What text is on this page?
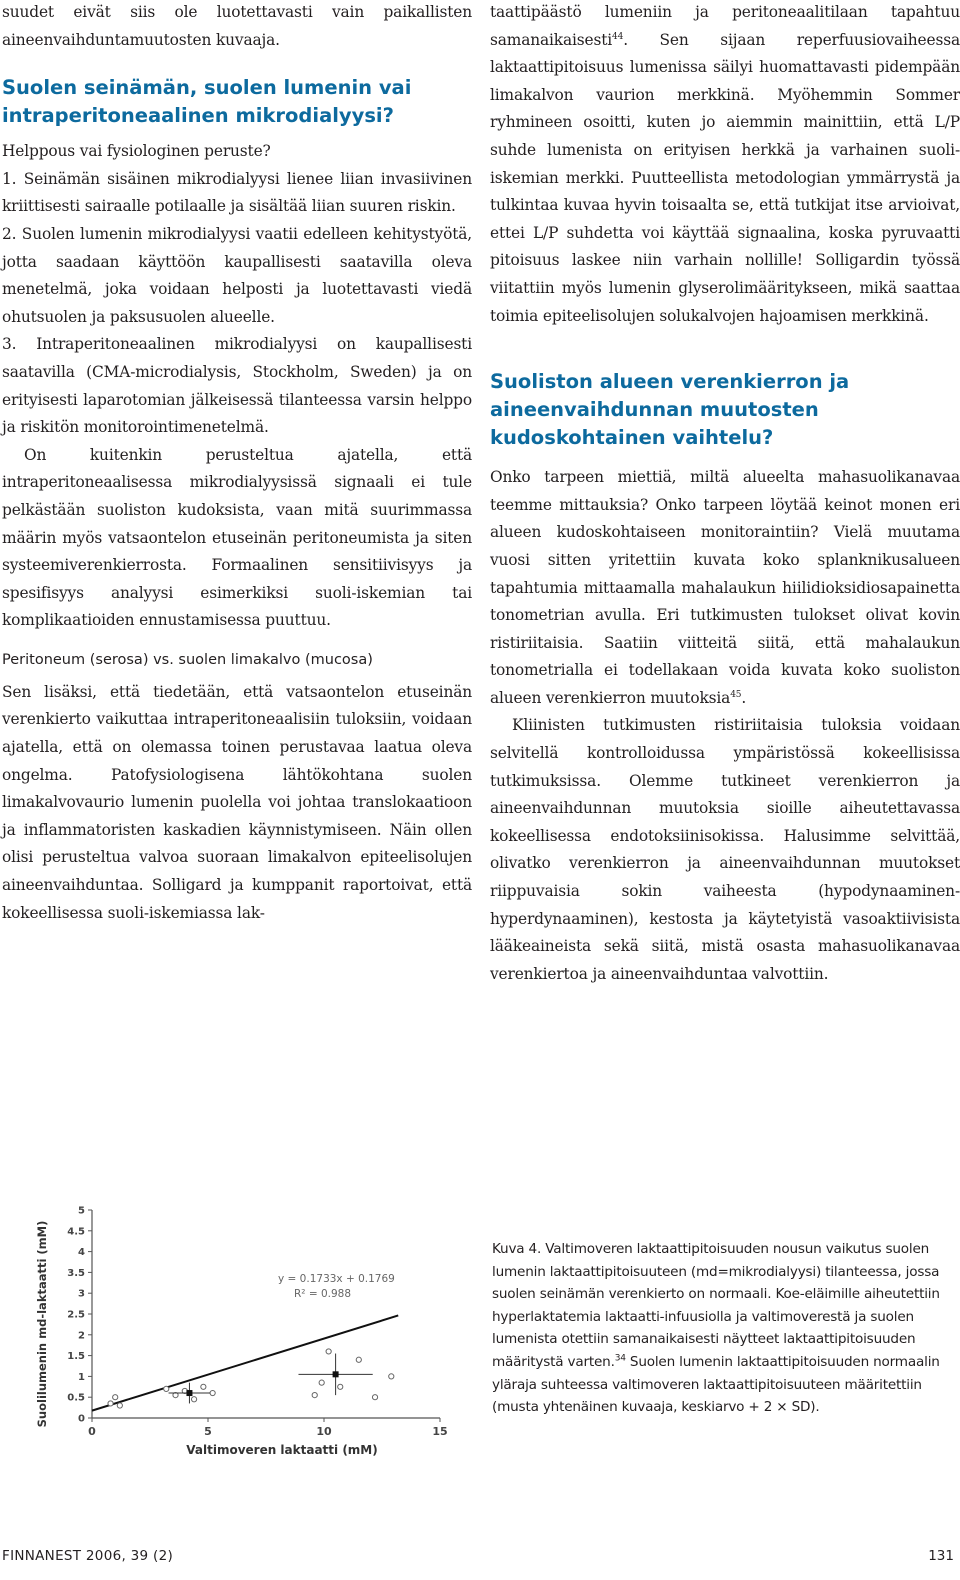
suudet eivät siis ole luotettavasti vain paikallisten aineenvaihduntamuutosten kuvaaja.

Suolen seinämän, suolen lumenin vai intraperitoneaalinen mikrodialyysi?

Helppous vai fysiologinen peruste?

1. Seinämän sisäinen mikrodialyysi lienee liian invasiivinen kriittisesti sairaalle potilaalle ja sisältää liian suuren riskin.
2. Suolen lumenin mikrodialyysi vaatii edelleen kehitystyötä, jotta saadaan käyttöön kaupallisesti saatavilla oleva menetelmä, joka voidaan helposti ja luotettavasti viedä ohutsuolen ja paksusuolen alueelle.
3. Intraperitoneaalinen mikrodialyysi on kaupallisesti saatavilla (CMA-microdialysis, Stockholm, Sweden) ja on erityisesti laparotomian jälkeisessä tilanteessa varsin helppo ja riskitön monitorointimenetelmä.

On kuitenkin perusteltua ajatella, että intraperitoneaalisessa mikrodialyysissä signaali ei tule pelkästään suoliston kudoksista, vaan mitä suurimmassa määrin myös vatsaontelon etuseinän peritoneumista ja siten systeemiverenkierrosta. Formaalinen sensitiivisyys ja spesifisyys analyysi esimerkiksi suoli-iskemian tai komplikaatioiden ennustamisessa puuttuu.

Peritoneum (serosa) vs. suolen limakalvo (mucosa)

Sen lisäksi, että tiedetään, että vatsaontelon etuseinän verenkierto vaikuttaa intraperitoneaalisiin tuloksiin, voidaan ajatella, että on olemassa toinen perustavaa laatua oleva ongelma. Patofysiologisena lähtökohtana suolen limakalvovaurio lumenin puolella voi johtaa translokaatioon ja inflammatoristen kaskadien käynnistymiseen. Näin ollen olisi perusteltua valvoa suoraan limakalvon epiteelisolujen aineenvaihduntaa. Solligard ja kumppanit raportoivat, että kokeellisessa suoli-iskemiassa lak-

taattipäästö lumeniin ja peritoneaalitilaan tapahtuu samanaikaisesti$^{44}$. Sen sijaan reperfuusiovaiheessa laktaattipitoisuus lumenissa säilyi huomattavasti pidempään limakalvon vaurion merkkinä. Myöhemmin Sommer ryhmineen osoitti, kuten jo aiemmin mainittiin, että L/P suhde lumenista on erityisen herkkä ja varhainen suoli-iskemian merkki. Puutteellista metodologian ymmärrystä ja tulkintaa kuvaa hyvin toisaalta se, että tutkijat itse arvioivat, ettei L/P suhdetta voi käyttää signaalina, koska pyruvaatti pitoisuus laskee niin varhain nollille! Solligardin työssä viitattiin myös lumenin glyserolimääritykseen, mikä saattaa toimia epiteelisolujen solukalvojen hajoamisen merkkinä.

Suoliston alueen verenkierron ja aineenvaihdunnan muutosten kudoskohtainen vaihtelu?

Onko tarpeen miettiä, miltä alueelta mahasuolikanavaa teemme mittauksia? Onko tarpeen löytää keinot monen eri alueen kudoskohtaiseen monitoraintiin? Vielä muutama vuosi sitten yritettiin kuvata koko splanknikusalueen tapahtumia mittaamalla mahalaukun hiilidioksidiosapainetta tonometrian avulla. Eri tutkimusten tulokset olivat kovin ristiriitaisia. Saatiin viitteitä siitä, että mahalaukun tonometrialla ei todellakaan voida kuvata koko suoliston alueen verenkierron muutoksia$^{45}$.

Kliinisten tutkimusten ristiriitaisia tuloksia voidaan selvitellä kontrolloidussa ympäristössä kokeellisissa tutkimuksissa. Olemme tutkineet verenkierron ja aineenvaihdunnan muutoksia sioille aiheutettavassa kokeellisessa endotoksiinisokissa. Halusimme selvittää, olivatko verenkierron ja aineenvaihdunnan muutokset riippuvaisia sokin vaiheesta (hypodynaaminen-hyperdynaaminen), kestosta ja käytetyistä vasoaktiivisista lääkeaineista sekä siitä, mistä osasta mahasuolikanavaa verenkiertoa ja aineenvaihduntaa valvottiin.

0
0.5
1
1.5
2
2.5
3
3.5
4
4.5
5
0	5	10	15
Suolilumenin md-laktaatti (mM)
Valtimoveren laktaatti (mM)
y = 0.1733x + 0.1769
R² = 0.988
Kuva 4. Valtimoveren laktaattipitoisuuden nousun vaikutus suolen lumenin laktaattipitoisuuteen (md=mikrodialyysi) tilanteessa, jossa suolen seinämän verenkierto on normaali. Koe-eläimille aiheutettiin hyperlaktatemia laktaatti-infuusiolla ja valtimoverestä ja suolen lumenista otettiin samanaikaisesti näytteet laktaattipitoisuuden määritystä varten.$^{34}$ Suolen lumenin laktaattipitoisuuden normaalin yläraja suhteessa valtimoveren laktaattipitoisuuteen määritettiin (musta yhtenäinen kuvaaja, keskiarvo + 2 × SD).
FINNANEST 2006, 39 (2)	131
